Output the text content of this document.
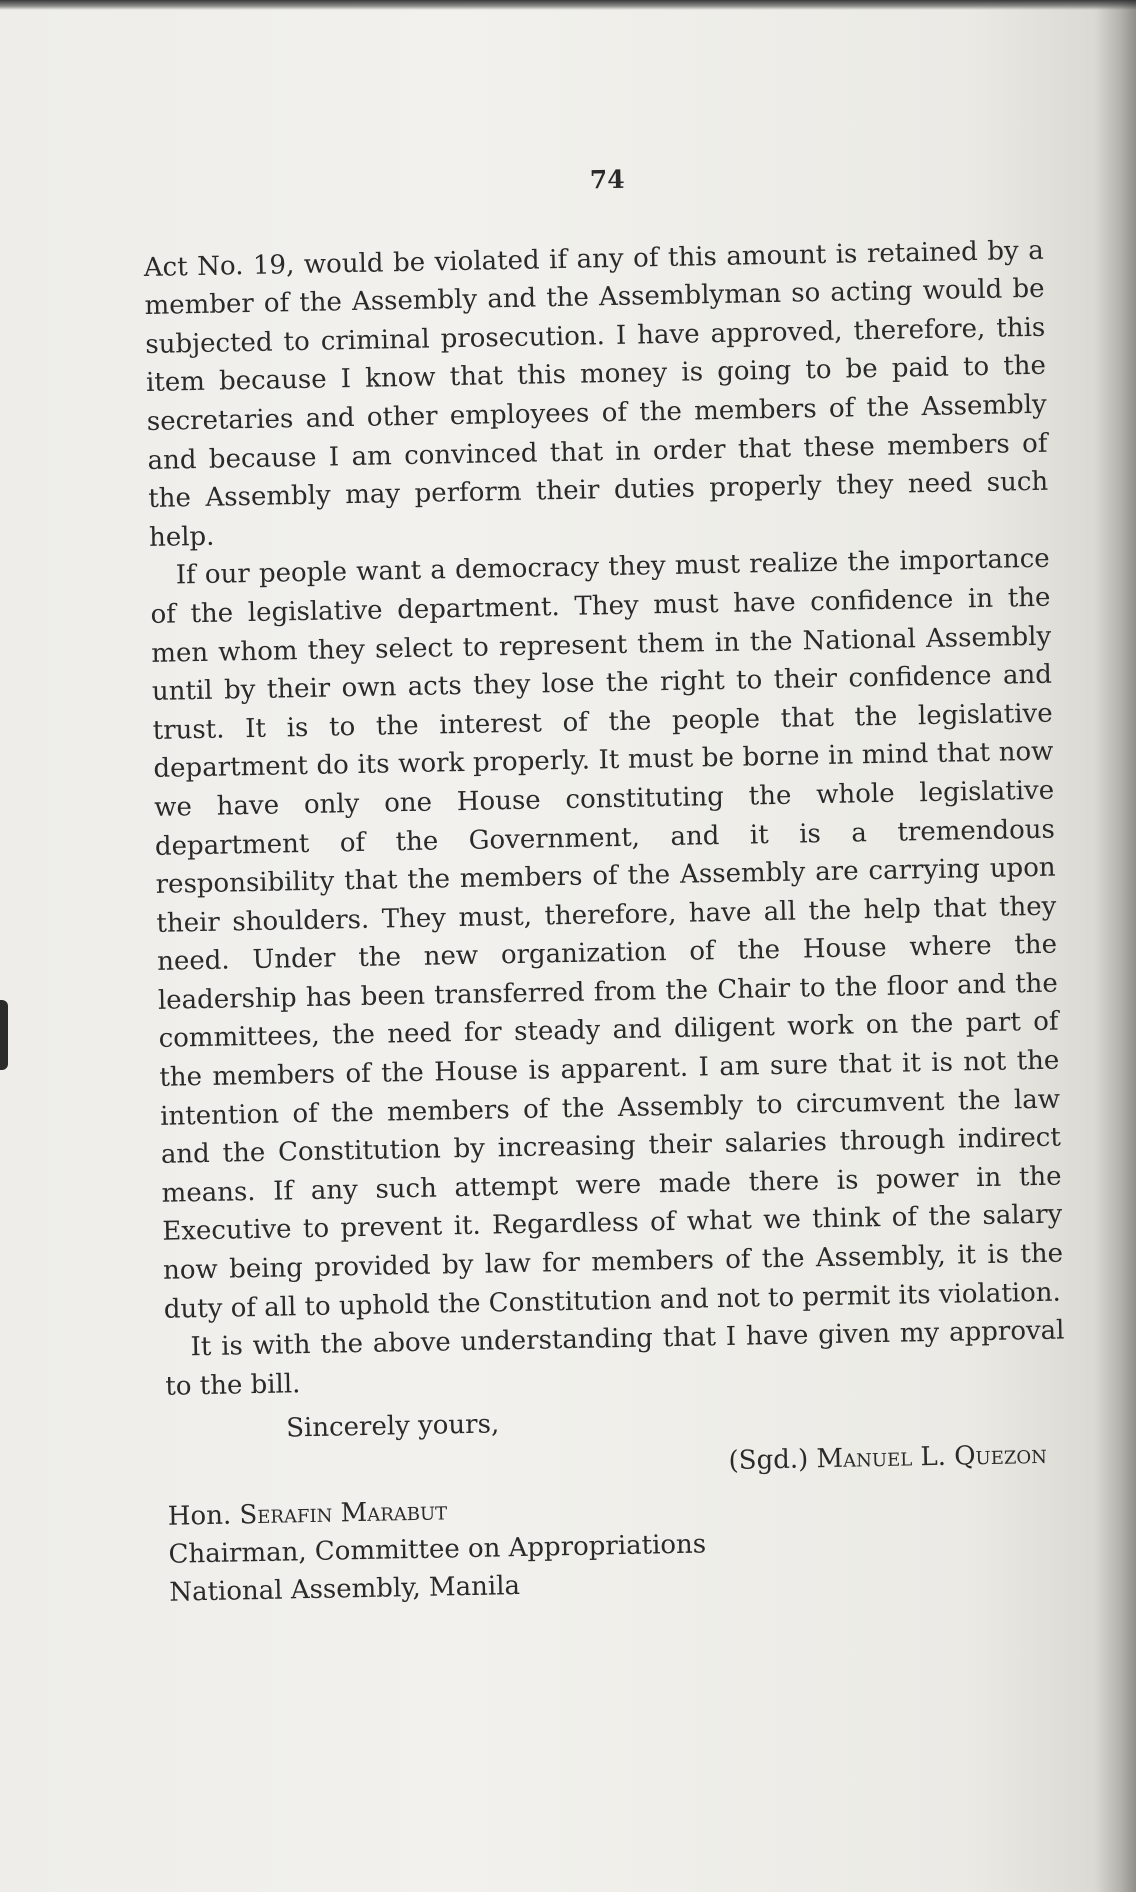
74

Act No. 19, would be violated if any of this amount is retained by a member of the Assembly and the Assemblyman so acting would be subjected to criminal prosecution. I have approved, therefore, this item because I know that this money is going to be paid to the secretaries and other employees of the members of the Assembly and because I am convinced that in order that these members of the Assembly may perform their duties properly they need such help.

If our people want a democracy they must realize the importance of the legislative department. They must have confidence in the men whom they select to represent them in the National Assembly until by their own acts they lose the right to their confidence and trust. It is to the interest of the people that the legislative department do its work properly. It must be borne in mind that now we have only one House constituting the whole legislative department of the Government, and it is a tremendous responsibility that the members of the Assembly are carrying upon their shoulders. They must, therefore, have all the help that they need. Under the new organization of the House where the leadership has been transferred from the Chair to the floor and the committees, the need for steady and diligent work on the part of the members of the House is apparent. I am sure that it is not the intention of the members of the Assembly to circumvent the law and the Constitution by increasing their salaries through indirect means. If any such attempt were made there is power in the Executive to prevent it. Regardless of what we think of the salary now being provided by law for members of the Assembly, it is the duty of all to uphold the Constitution and not to permit its violation.

It is with the above understanding that I have given my approval to the bill.

Sincerely yours,

(Sgd.) Manuel L. Quezon

Hon. Serafin Marabut

Chairman, Committee on Appropriations

National Assembly, Manila
